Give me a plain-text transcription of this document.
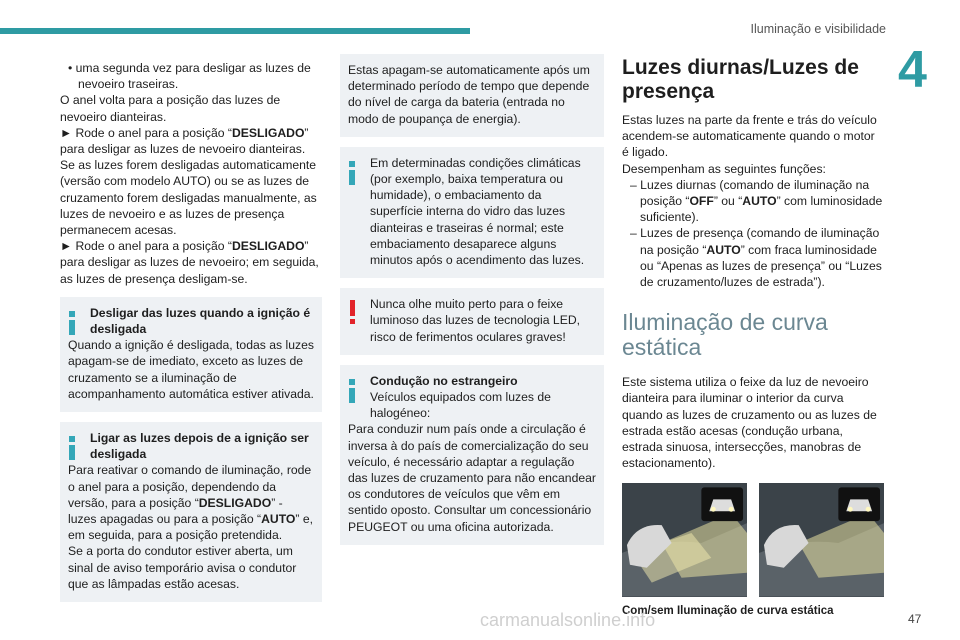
Iluminação e visibilidade
4

• uma segunda vez para desligar as luzes de nevoeiro traseiras.

O anel volta para a posição das luzes de nevoeiro dianteiras.

► Rode o anel para a posição “DESLIGADO” para desligar as luzes de nevoeiro dianteiras.

Se as luzes forem desligadas automaticamente (versão com modelo AUTO) ou se as luzes de cruzamento forem desligadas manualmente, as luzes de nevoeiro e as luzes de presença permanecem acesas.

► Rode o anel para a posição “DESLIGADO” para desligar as luzes de nevoeiro; em seguida, as luzes de presença desligam-se.

Desligar das luzes quando a ignição é desligada

Quando a ignição é desligada, todas as luzes apagam-se de imediato, exceto as luzes de cruzamento se a iluminação de acompanhamento automática estiver ativada.

Ligar as luzes depois de a ignição ser desligada

Para reativar o comando de iluminação, rode o anel para a posição, dependendo da versão, para a posição “DESLIGADO” - luzes apagadas ou para a posição “AUTO” e, em seguida, para a posição pretendida.

Se a porta do condutor estiver aberta, um sinal de aviso temporário avisa o condutor que as lâmpadas estão acesas.

Estas apagam-se automaticamente após um determinado período de tempo que depende do nível de carga da bateria (entrada no modo de poupança de energia).

Em determinadas condições climáticas (por exemplo, baixa temperatura ou humidade), o embaciamento da superfície interna do vidro das luzes dianteiras e traseiras é normal; este embaciamento desaparece alguns minutos após o acendimento das luzes.

Nunca olhe muito perto para o feixe luminoso das luzes de tecnologia LED, risco de ferimentos oculares graves!

Condução no estrangeiro
Veículos equipados com luzes de halogéneo:

Para conduzir num país onde a circulação é inversa à do país de comercialização do seu veículo, é necessário adaptar a regulação das luzes de cruzamento para não encandear os condutores de veículos que vêm em sentido oposto. Consultar um concessionário PEUGEOT ou uma oficina autorizada.

Luzes diurnas/Luzes de presença

Estas luzes na parte da frente e trás do veículo acendem-se automaticamente quando o motor é ligado.

Desempenham as seguintes funções:

– Luzes diurnas (comando de iluminação na posição “OFF” ou “AUTO” com luminosidade suficiente).

– Luzes de presença (comando de iluminação na posição “AUTO” com fraca luminosidade ou “Apenas as luzes de presença” ou “Luzes de cruzamento/luzes de estrada”).

Iluminação de curva estática

Este sistema utiliza o feixe da luz de nevoeiro dianteira para iluminar o interior da curva quando as luzes de cruzamento ou as luzes de estrada estão acesas (condução urbana, estrada sinuosa, intersecções, manobras de estacionamento).

Com/sem Iluminação de curva estática
47
carmanualsonline.info
